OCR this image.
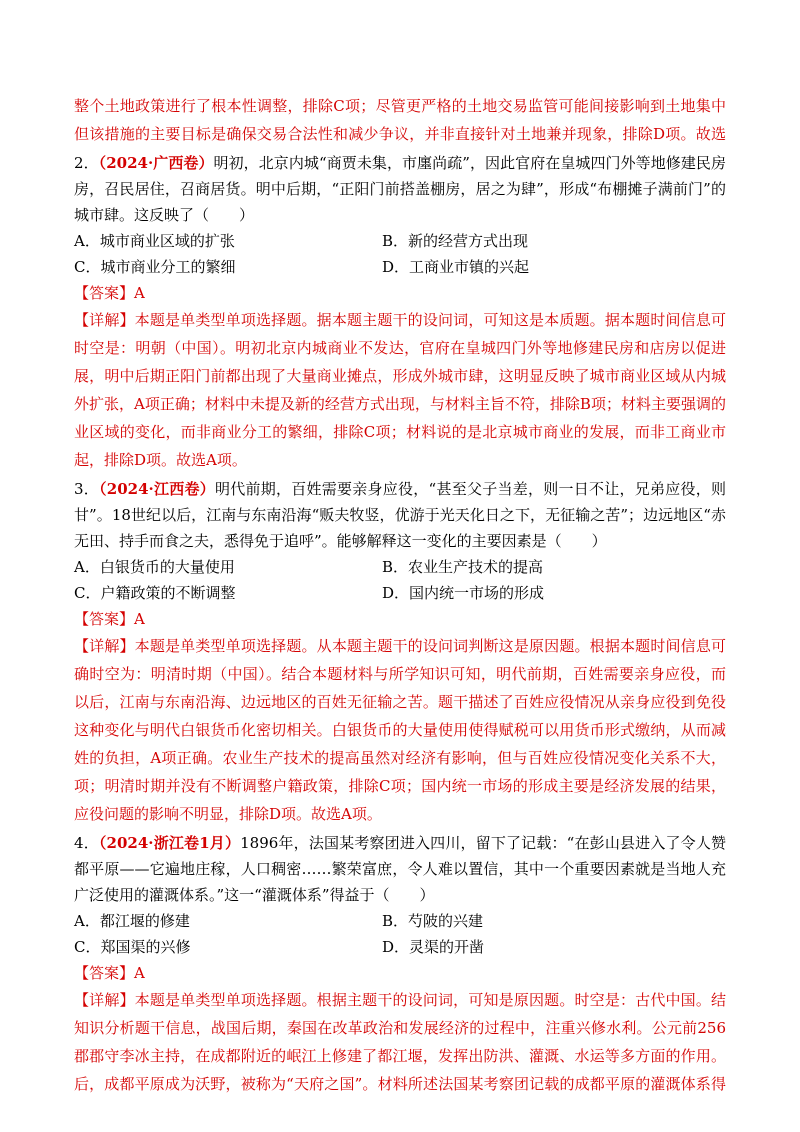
整个土地政策进行了根本性调整，排除C项；尽管更严格的土地交易监管可能间接影响到土地集中
但该措施的主要目标是确保交易合法性和减少争议，并非直接针对土地兼并现象，排除D项。故选
2．（2024·广西卷）明初，北京内城“商贾未集，市廛尚疏”，因此官府在皇城四门外等地修建民房
房，召民居住，召商居货。明中后期，“正阳门前搭盖棚房，居之为肆”，形成“布棚摊子满前门”的
城市肆。这反映了（　　）
A．城市商业区域的扩张	B．新的经营方式出现
C．城市商业分工的繁细	D．工商业市镇的兴起
【答案】A
【详解】本题是单类型单项选择题。据本题主题干的设问词，可知这是本质题。据本题时间信息可
时空是：明朝（中国）。明初北京内城商业不发达，官府在皇城四门外等地修建民房和店房以促进
展，明中后期正阳门前都出现了大量商业摊点，形成外城市肆，这明显反映了城市商业区域从内城
外扩张，A项正确；材料中未提及新的经营方式出现，与材料主旨不符，排除B项；材料主要强调的
业区域的变化，而非商业分工的繁细，排除C项；材料说的是北京城市商业的发展，而非工商业市
起，排除D项。故选A项。
3．（2024·江西卷）明代前期，百姓需要亲身应役，“甚至父子当差，则一日不让，兄弟应役，则
甘”。18世纪以后，江南与东南沿海“贩夫牧竖，优游于光天化日之下，无征输之苦”；边远地区“赤
无田、持手而食之夫，悉得免于追呼”。能够解释这一变化的主要因素是（　　）
A．白银货币的大量使用	B．农业生产技术的提高
C．户籍政策的不断调整	D．国内统一市场的形成
【答案】A
【详解】本题是单类型单项选择题。从本题主题干的设问词判断这是原因题。根据本题时间信息可
确时空为：明清时期（中国）。结合本题材料与所学知识可知，明代前期，百姓需要亲身应役，而
以后，江南与东南沿海、边远地区的百姓无征输之苦。题干描述了百姓应役情况从亲身应役到免役
这种变化与明代白银货币化密切相关。白银货币的大量使用使得赋税可以用货币形式缴纳，从而减
姓的负担，A项正确。农业生产技术的提高虽然对经济有影响，但与百姓应役情况变化关系不大，
项；明清时期并没有不断调整户籍政策，排除C项；国内统一市场的形成主要是经济发展的结果，
应役问题的影响不明显，排除D项。故选A项。
4．（2024·浙江卷1月）1896年，法国某考察团进入四川，留下了记载：“在彭山县进入了令人赞
都平原——它遍地庄稼，人口稠密……繁荣富庶，令人难以置信，其中一个重要因素就是当地人充
广泛使用的灌溉体系。”这一“灌溉体系”得益于（　　）
A．都江堰的修建	B．芍陂的兴建
C．郑国渠的兴修	D．灵渠的开凿
【答案】A
【详解】本题是单类型单项选择题。根据主题干的设问词，可知是原因题。时空是：古代中国。结
知识分析题干信息，战国后期，秦国在改革政治和发展经济的过程中，注重兴修水利。公元前256
郡郡守李冰主持，在成都附近的岷江上修建了都江堰，发挥出防洪、灌溉、水运等多方面的作用。
后，成都平原成为沃野，被称为“天府之国”。材料所述法国某考察团记载的成都平原的灌溉体系得
